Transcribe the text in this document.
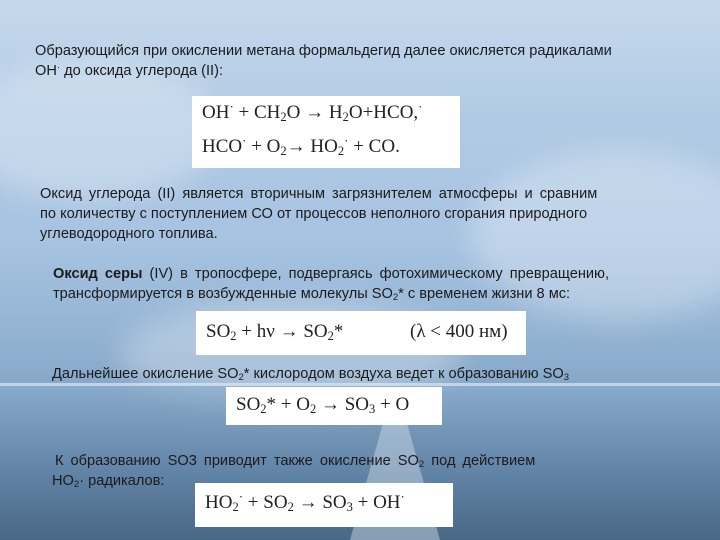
Образующийся при окислении метана формальдегид далее окисляется радикалами
ОН· до оксида углерода (II):
$OH^\cdot + CH_2O \to H_2O+HCO,^\cdot$
$HCO^\cdot + O_2\to HO_2^\cdot$ + CO.
Оксид углерода (II) является вторичным загрязнителем атмосферы и сравним
по количеству с поступлением СО от процессов неполного сгорания природного
углеводородного топлива.
Оксид серы (IV) в тропосфере, подвергаясь фотохимическому превращению,
трансформируется в возбужденные молекулы $SO_2*$ с временем жизни 8 мс:
$SO_2 + h\nu \to SO_2*$	(λ < 400 нм)
Дальнейшее окисление $SO_2*$ кислородом воздуха ведет к образованию $SO_3$
$SO_2* + O_2 \to SO_3 + O$
К образованию SO3 приводит также окисление $SO_2$ под действием
$НО_2\cdot$ радикалов:
$HO_2^\cdot + SO_2 \to SO_3 + OH^\cdot$
